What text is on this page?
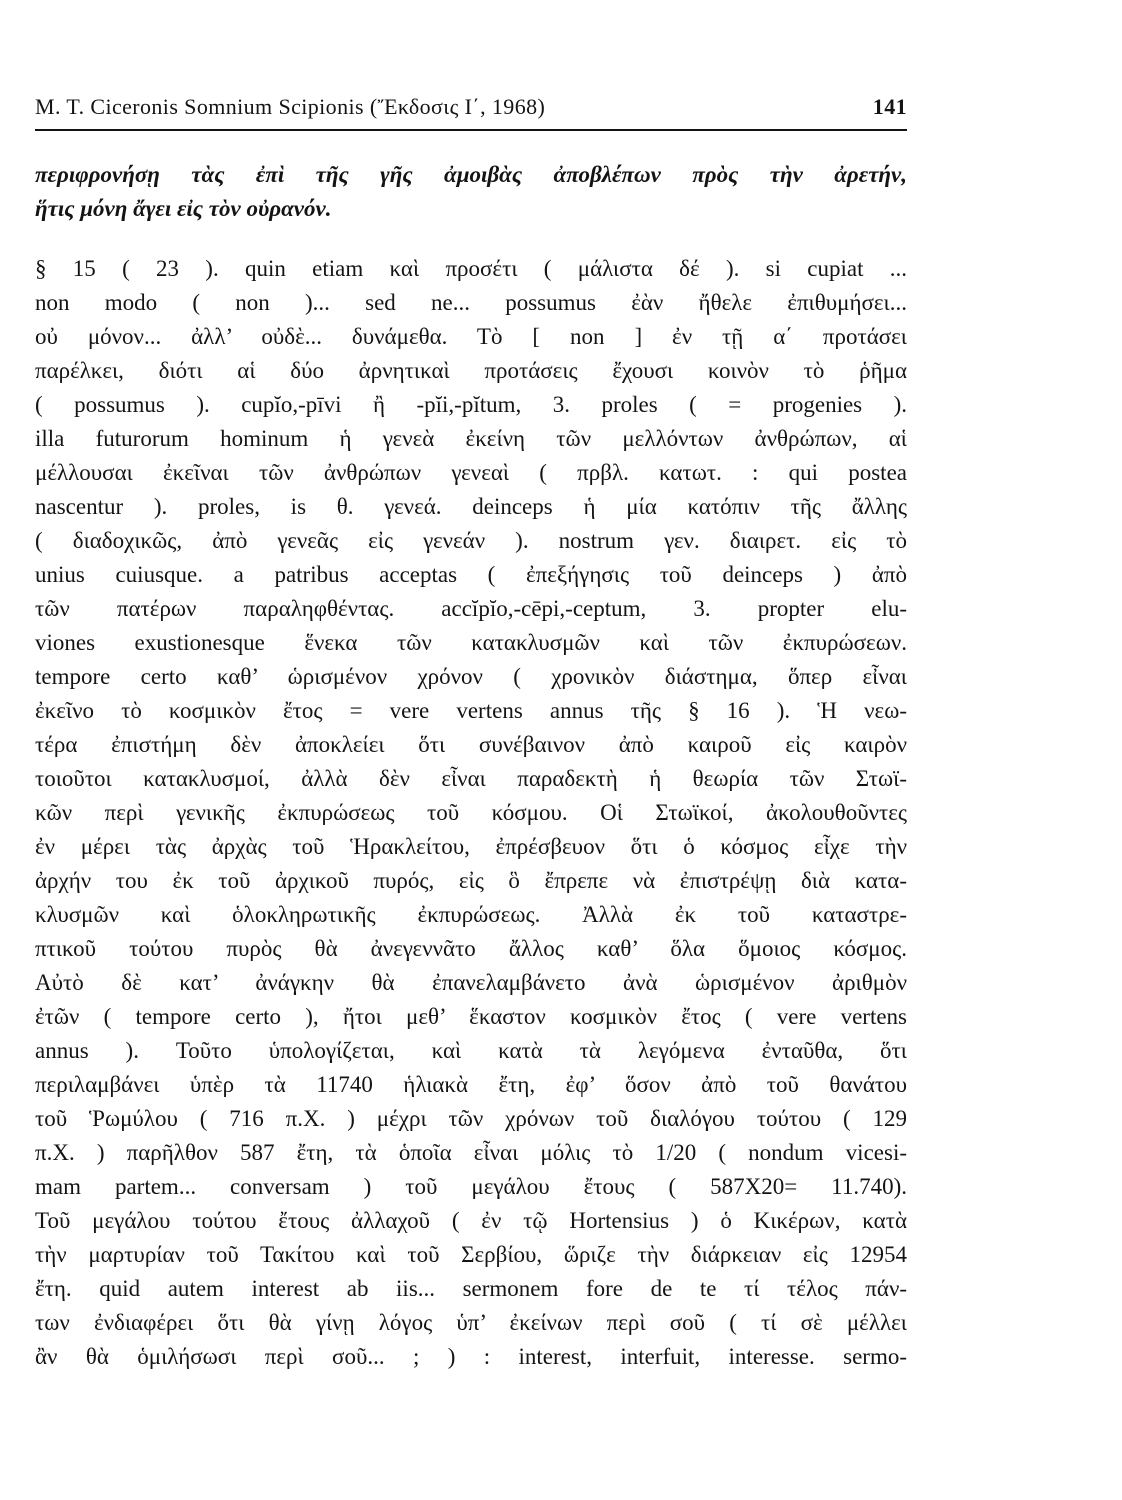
M. T. Ciceronis Somnium Scipionis (Ἔκδοσις Ι΄, 1968)	141
περιφρονήσῃ τὰς ἐπὶ τῆς γῆς ἀμοιβὰς ἀποβλέπων πρὸς τὴν ἀρετήν,
ἥτις μόνη ἄγει εἰς τὸν οὐρανόν.
§ 15 ( 23 ). quin etiam καὶ προσέτι ( μάλιστα δέ ). si cupiat ...
non modo ( non )... sed ne... possumus ἐὰν ἤθελε ἐπιθυμήσει...
οὐ μόνον... ἀλλ’ οὐδὲ... δυνάμεθα. Τὸ [ non ] ἐν τῇ α΄ προτάσει
παρέλκει, διότι αἱ δύο ἀρνητικαὶ προτάσεις ἔχουσι κοινὸν τὸ ῥῆμα
( possumus ). cupĭo,-pīvi ἢ -pĭi,-pĭtum, 3. proles ( = progenies ).
illa futurorum hominum ἡ γενεὰ ἐκείνη τῶν μελλόντων ἀνθρώπων, αἱ
μέλλουσαι ἐκεῖναι τῶν ἀνθρώπων γενεαὶ ( πρβλ. κατωτ. : qui postea
nascentur ). proles, is θ. γενεά. deinceps ἡ μία κατόπιν τῆς ἄλλης
( διαδοχικῶς, ἀπὸ γενεᾶς εἰς γενεάν ). nostrum γεν. διαιρετ. εἰς τὸ
unius cuiusque. a patribus acceptas ( ἐπεξήγησις τοῦ deinceps ) ἀπὸ
τῶν πατέρων παραληφθέντας. accĭpĭo,-cēpi,-ceptum, 3. propter elu-
viones exustionesque ἕνεκα τῶν κατακλυσμῶν καὶ τῶν ἐκπυρώσεων.
tempore certo καθ’ ὡρισμένον χρόνον ( χρονικὸν διάστημα, ὅπερ εἶναι
ἐκεῖνο τὸ κοσμικὸν ἔτος = vere vertens annus τῆς § 16 ). Ἡ νεω-
τέρα ἐπιστήμη δὲν ἀποκλείει ὅτι συνέβαινον ἀπὸ καιροῦ εἰς καιρὸν
τοιοῦτοι κατακλυσμοί, ἀλλὰ δὲν εἶναι παραδεκτὴ ἡ θεωρία τῶν Στωϊ-
κῶν περὶ γενικῆς ἐκπυρώσεως τοῦ κόσμου. Οἱ Στωϊκοί, ἀκολουθοῦντες
ἐν μέρει τὰς ἀρχὰς τοῦ Ἡρακλείτου, ἐπρέσβευον ὅτι ὁ κόσμος εἶχε τὴν
ἀρχήν του ἐκ τοῦ ἀρχικοῦ πυρός, εἰς ὃ ἔπρεπε νὰ ἐπιστρέψῃ διὰ κατα-
κλυσμῶν καὶ ὁλοκληρωτικῆς ἐκπυρώσεως. Ἀλλὰ ἐκ τοῦ καταστρε-
πτικοῦ τούτου πυρὸς θὰ ἀνεγεννᾶτο ἄλλος καθ’ ὅλα ὅμοιος κόσμος.
Αὐτὸ δὲ κατ’ ἀνάγκην θὰ ἐπανελαμβάνετο ἀνὰ ὡρισμένον ἀριθμὸν
ἐτῶν ( tempore certo ), ἤτοι μεθ’ ἕκαστον κοσμικὸν ἔτος ( vere vertens
annus ). Τοῦτο ὑπολογίζεται, καὶ κατὰ τὰ λεγόμενα ἐνταῦθα, ὅτι
περιλαμβάνει ὑπὲρ τὰ 11740 ἡλιακὰ ἔτη, ἐφ’ ὅσον ἀπὸ τοῦ θανάτου
τοῦ Ῥωμύλου ( 716 π.Χ. ) μέχρι τῶν χρόνων τοῦ διαλόγου τούτου ( 129
π.Χ. ) παρῆλθον 587 ἔτη, τὰ ὁποῖα εἶναι μόλις τὸ 1/20 ( nondum vicesi-
mam partem... conversam ) τοῦ μεγάλου ἔτους ( 587X20= 11.740).
Τοῦ μεγάλου τούτου ἔτους ἀλλαχοῦ ( ἐν τῷ Hortensius ) ὁ Κικέρων, κατὰ
τὴν μαρτυρίαν τοῦ Τακίτου καὶ τοῦ Σερβίου, ὥριζε τὴν διάρκειαν εἰς 12954
ἔτη. quid autem interest ab iis... sermonem fore de te τί τέλος πάν-
των ἐνδιαφέρει ὅτι θὰ γίνῃ λόγος ὑπ’ ἐκείνων περὶ σοῦ ( τί σὲ μέλλει
ἂν θὰ ὁμιλήσωσι περὶ σοῦ... ; ) : interest, interfuit, interesse. sermo-
